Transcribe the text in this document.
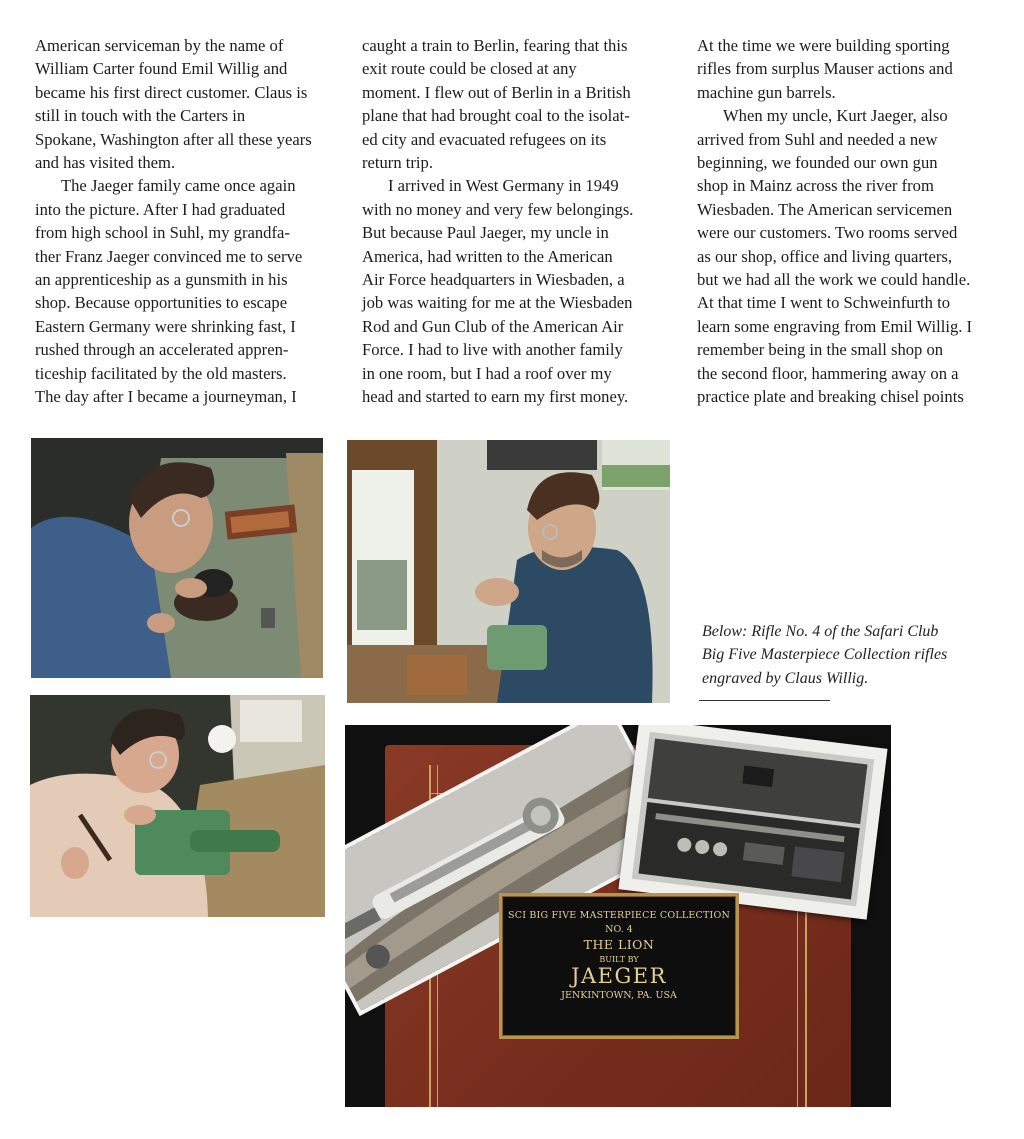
American serviceman by the name of
William Carter found Emil Willig and
became his first direct customer. Claus is
still in touch with the Carters in
Spokane, Washington after all these years
and has visited them.

The Jaeger family came once again
into the picture. After I had graduated
from high school in Suhl, my grandfa-
ther Franz Jaeger convinced me to serve
an apprenticeship as a gunsmith in his
shop. Because opportunities to escape
Eastern Germany were shrinking fast, I
rushed through an accelerated appren-
ticeship facilitated by the old masters.
The day after I became a journeyman, I

caught a train to Berlin, fearing that this
exit route could be closed at any
moment. I flew out of Berlin in a British
plane that had brought coal to the isolat-
ed city and evacuated refugees on its
return trip.

I arrived in West Germany in 1949
with no money and very few belongings.
But because Paul Jaeger, my uncle in
America, had written to the American
Air Force headquarters in Wiesbaden, a
job was waiting for me at the Wiesbaden
Rod and Gun Club of the American Air
Force. I had to live with another family
in one room, but I had a roof over my
head and started to earn my first money.

At the time we were building sporting
rifles from surplus Mauser actions and
machine gun barrels.

When my uncle, Kurt Jaeger, also
arrived from Suhl and needed a new
beginning, we founded our own gun
shop in Mainz across the river from
Wiesbaden. The American servicemen
were our customers. Two rooms served
as our shop, office and living quarters,
but we had all the work we could handle.
At that time I went to Schweinfurth to
learn some engraving from Emil Willig. I
remember being in the small shop on
the second floor, hammering away on a
practice plate and breaking chisel points

Below: Rifle No. 4 of the Safari Club
Big Five Masterpiece Collection rifles
engraved by Claus Willig.
SCI BIG FIVE MASTERPIECE COLLECTION
NO. 4
THE LION
BUILT BY
JAEGER
JENKINTOWN, PA. USA
